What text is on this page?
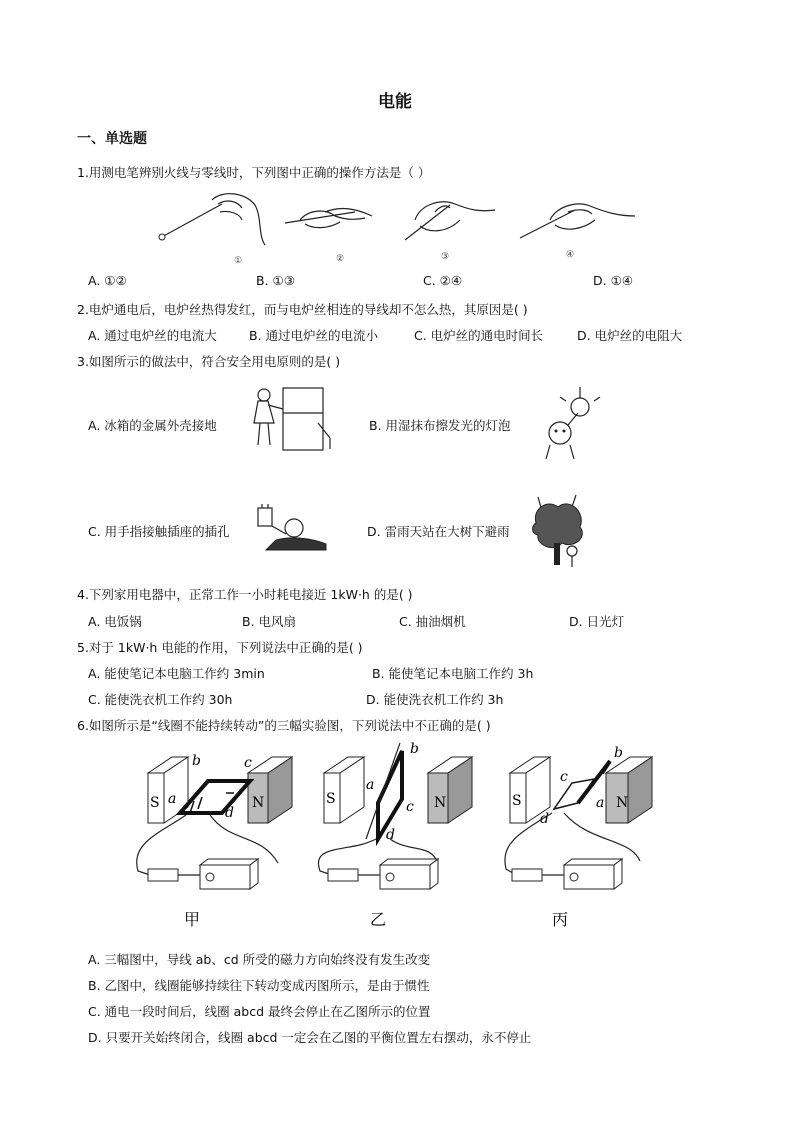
电能
一、单选题
1.用测电笔辨别火线与零线时，下列图中正确的操作方法是（ ）
①	②	③	④
A. ①②	B. ①③	C. ②④	D. ①④
2.电炉通电后，电炉丝热得发红，而与电炉丝相连的导线却不怎么热，其原因是( )
A. 通过电炉丝的电流大	B. 通过电炉丝的电流小	C. 电炉丝的通电时间长	D. 电炉丝的电阻大
3.如图所示的做法中，符合安全用电原则的是( )
A. 冰箱的金属外壳接地	B. 用湿抹布擦发光的灯泡
C. 用手指接触插座的插孔	D. 雷雨天站在大树下避雨
4.下列家用电器中，正常工作一小时耗电接近 1kW·h 的是( )
A. 电饭锅	B. 电风扇	C. 抽油烟机	D. 日光灯
5.对于 1kW·h 电能的作用，下列说法中正确的是( )
A. 能使笔记本电脑工作约 3min	B. 能使笔记本电脑工作约 3h
C. 能使洗衣机工作约 30h	D. 能使洗衣机工作约 3h
6.如图所示是“线圈不能持续转动”的三幅实验图，下列说法中不正确的是( )
S	N
b
a
c
d
甲
S	N
b
a
c
d
乙
S	N
b
a
c
d
丙
A. 三幅图中，导线 ab、cd 所受的磁力方向始终没有发生改变
B. 乙图中，线圈能够持续往下转动变成丙图所示，是由于惯性
C. 通电一段时间后，线圈 abcd 最终会停止在乙图所示的位置
D. 只要开关始终闭合，线圈 abcd 一定会在乙图的平衡位置左右摆动，永不停止
